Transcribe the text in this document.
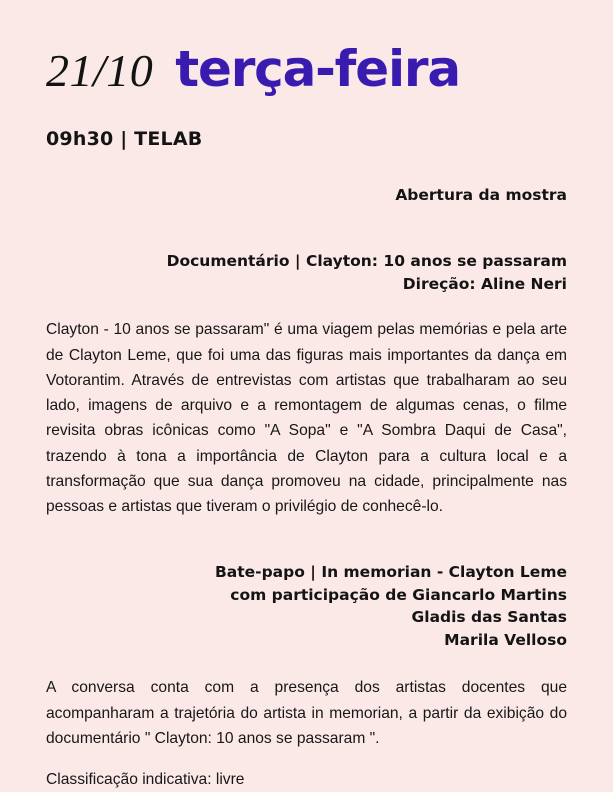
21/10 terça-feira
09h30 | TELAB
Abertura da mostra
Documentário | Clayton: 10 anos se passaram
Direção: Aline Neri

Clayton - 10 anos se passaram" é uma viagem pelas memórias e pela arte de Clayton Leme, que foi uma das figuras mais importantes da dança em Votorantim. Através de entrevistas com artistas que trabalharam ao seu lado, imagens de arquivo e a remontagem de algumas cenas, o filme revisita obras icônicas como "A Sopa" e "A Sombra Daqui de Casa", trazendo à tona a importância de Clayton para a cultura local e a transformação que sua dança promoveu na cidade, principalmente nas pessoas e artistas que tiveram o privilégio de conhecê-lo.

Bate-papo | In memorian - Clayton Leme
com participação de Giancarlo Martins
Gladis das Santas
Marila Velloso

A conversa conta com a presença dos artistas docentes que acompanharam a trajetória do artista in memorian, a partir da exibição do documentário " Clayton: 10 anos se passaram ".

Classificação indicativa: livre
